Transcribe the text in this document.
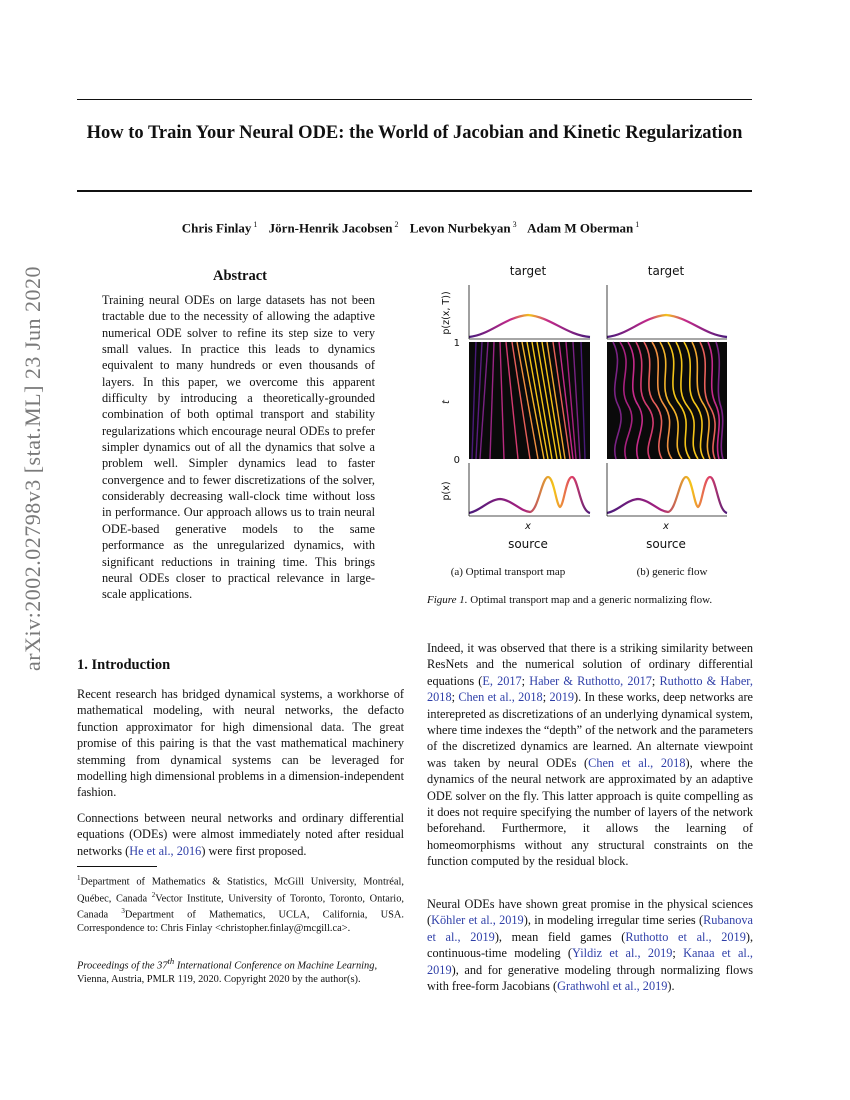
arXiv:2002.02798v3 [stat.ML] 23 Jun 2020
How to Train Your Neural ODE: the World of Jacobian and Kinetic Regularization
Chris Finlay $^1$ Jörn-Henrik Jacobsen $^2$ Levon Nurbekyan $^3$ Adam M Oberman $^1$
Abstract
Training neural ODEs on large datasets has not been tractable due to the necessity of allowing the adaptive numerical ODE solver to refine its step size to very small values. In practice this leads to dynamics equivalent to many hundreds or even thousands of layers. In this paper, we overcome this apparent difficulty by introducing a theoretically-grounded combination of both optimal transport and stability regularizations which encourage neural ODEs to prefer simpler dynamics out of all the dynamics that solve a problem well. Simpler dynamics lead to faster convergence and to fewer discretizations of the solver, considerably decreasing wall-clock time without loss in performance. Our approach allows us to train neural ODE-based generative models to the same performance as the unregularized dynamics, with significant reductions in training time. This brings neural ODEs closer to practical relevance in large-scale applications.
1. Introduction
Recent research has bridged dynamical systems, a workhorse of mathematical modeling, with neural networks, the defacto function approximator for high dimensional data. The great promise of this pairing is that the vast mathematical machinery stemming from dynamical systems can be leveraged for modelling high dimensional problems in a dimension-independent fashion.
Connections between neural networks and ordinary differential equations (ODEs) were almost immediately noted after residual networks (He et al., 2016) were first proposed.
$^1$Department of Mathematics & Statistics, McGill University, Montréal, Québec, Canada $^2$Vector Institute, University of Toronto, Toronto, Ontario, Canada $^3$Department of Mathematics, UCLA, California, USA. Correspondence to: Chris Finlay <christopher.finlay@mcgill.ca>.
Proceedings of the 37th International Conference on Machine Learning, Vienna, Austria, PMLR 119, 2020. Copyright 2020 by the author(s).
Indeed, it was observed that there is a striking similarity between ResNets and the numerical solution of ordinary differential equations (E, 2017; Haber & Ruthotto, 2017; Ruthotto & Haber, 2018; Chen et al., 2018; 2019). In these works, deep networks are interepreted as discretizations of an underlying dynamical system, where time indexes the “depth” of the network and the parameters of the discretized dynamics are learned. An alternate viewpoint was taken by neural ODEs (Chen et al., 2018), where the dynamics of the neural network are approximated by an adaptive ODE solver on the fly. This latter approach is quite compelling as it does not require specifying the number of layers of the network beforehand. Furthermore, it allows the learning of homeomorphisms without any structural constraints on the function computed by the residual block.
Neural ODEs have shown great promise in the physical sciences (Köhler et al., 2019), in modeling irregular time series (Rubanova et al., 2019), mean field games (Ruthotto et al., 2019), continuous-time modeling (Yildiz et al., 2019; Kanaa et al., 2019), and for generative modeling through normalizing flows with free-form Jacobians (Grathwohl et al., 2019).
target
p(z(x, T))
t
1
0
p(x)
x
source
target
x
source
(a) Optimal transport map	(b) generic flow
Figure 1. Optimal transport map and a generic normalizing flow.
